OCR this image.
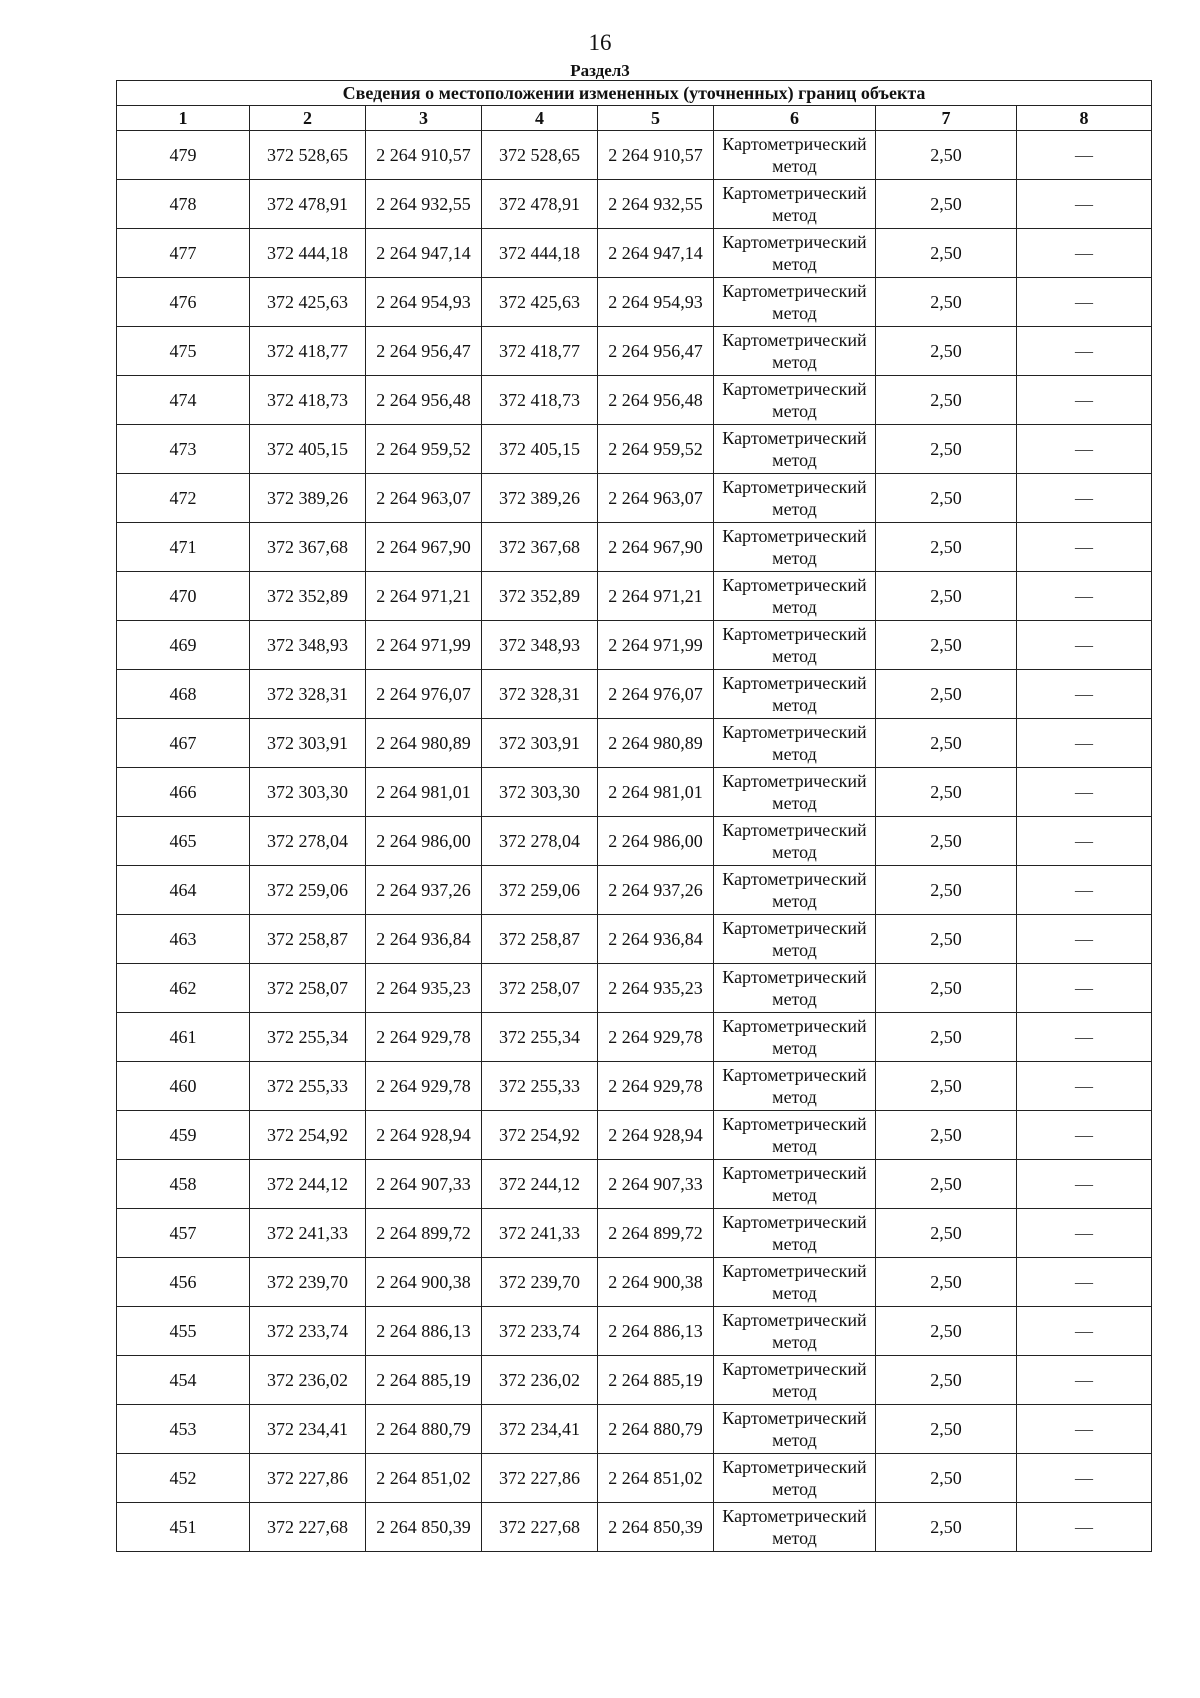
16
Раздел3
Сведения о местоположении измененных (уточненных) границ объекта							
1	2	3	4	5	6	7	8
479	372 528,65	2 264 910,57	372 528,65	2 264 910,57	Картометрический метод	2,50	—
478	372 478,91	2 264 932,55	372 478,91	2 264 932,55	Картометрический метод	2,50	—
477	372 444,18	2 264 947,14	372 444,18	2 264 947,14	Картометрический метод	2,50	—
476	372 425,63	2 264 954,93	372 425,63	2 264 954,93	Картометрический метод	2,50	—
475	372 418,77	2 264 956,47	372 418,77	2 264 956,47	Картометрический метод	2,50	—
474	372 418,73	2 264 956,48	372 418,73	2 264 956,48	Картометрический метод	2,50	—
473	372 405,15	2 264 959,52	372 405,15	2 264 959,52	Картометрический метод	2,50	—
472	372 389,26	2 264 963,07	372 389,26	2 264 963,07	Картометрический метод	2,50	—
471	372 367,68	2 264 967,90	372 367,68	2 264 967,90	Картометрический метод	2,50	—
470	372 352,89	2 264 971,21	372 352,89	2 264 971,21	Картометрический метод	2,50	—
469	372 348,93	2 264 971,99	372 348,93	2 264 971,99	Картометрический метод	2,50	—
468	372 328,31	2 264 976,07	372 328,31	2 264 976,07	Картометрический метод	2,50	—
467	372 303,91	2 264 980,89	372 303,91	2 264 980,89	Картометрический метод	2,50	—
466	372 303,30	2 264 981,01	372 303,30	2 264 981,01	Картометрический метод	2,50	—
465	372 278,04	2 264 986,00	372 278,04	2 264 986,00	Картометрический метод	2,50	—
464	372 259,06	2 264 937,26	372 259,06	2 264 937,26	Картометрический метод	2,50	—
463	372 258,87	2 264 936,84	372 258,87	2 264 936,84	Картометрический метод	2,50	—
462	372 258,07	2 264 935,23	372 258,07	2 264 935,23	Картометрический метод	2,50	—
461	372 255,34	2 264 929,78	372 255,34	2 264 929,78	Картометрический метод	2,50	—
460	372 255,33	2 264 929,78	372 255,33	2 264 929,78	Картометрический метод	2,50	—
459	372 254,92	2 264 928,94	372 254,92	2 264 928,94	Картометрический метод	2,50	—
458	372 244,12	2 264 907,33	372 244,12	2 264 907,33	Картометрический метод	2,50	—
457	372 241,33	2 264 899,72	372 241,33	2 264 899,72	Картометрический метод	2,50	—
456	372 239,70	2 264 900,38	372 239,70	2 264 900,38	Картометрический метод	2,50	—
455	372 233,74	2 264 886,13	372 233,74	2 264 886,13	Картометрический метод	2,50	—
454	372 236,02	2 264 885,19	372 236,02	2 264 885,19	Картометрический метод	2,50	—
453	372 234,41	2 264 880,79	372 234,41	2 264 880,79	Картометрический метод	2,50	—
452	372 227,86	2 264 851,02	372 227,86	2 264 851,02	Картометрический метод	2,50	—
451	372 227,68	2 264 850,39	372 227,68	2 264 850,39	Картометрический метод	2,50	—
